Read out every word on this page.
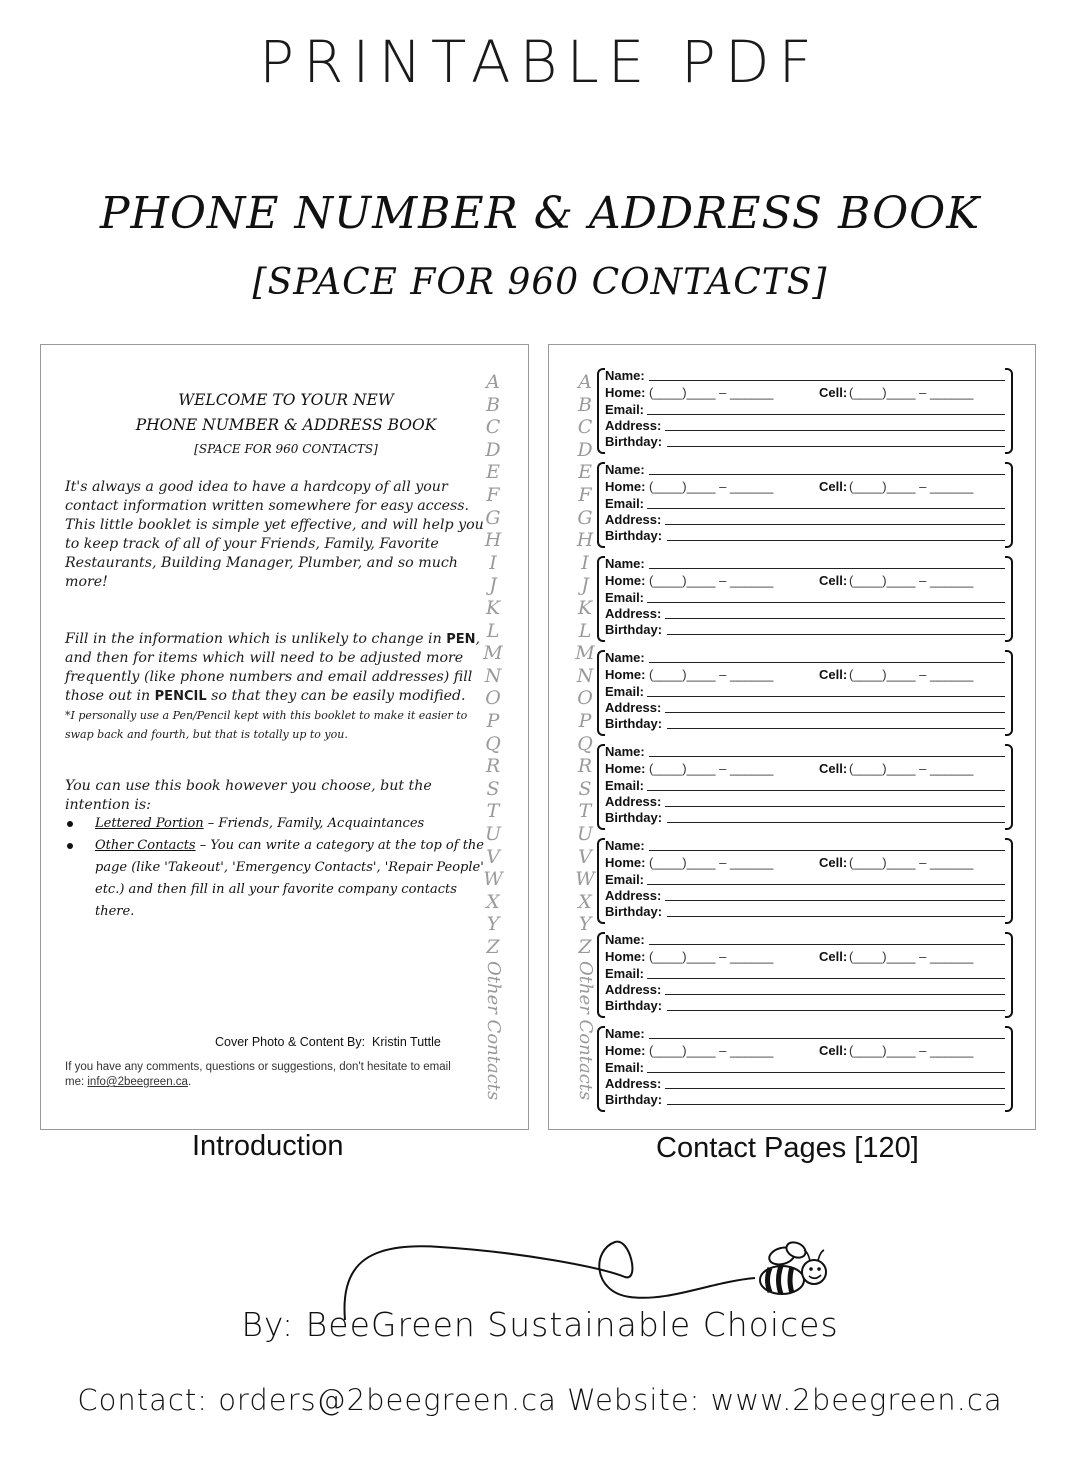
PRINTABLE PDF
PHONE NUMBER & ADDRESS BOOK
[SPACE FOR 960 CONTACTS]
WELCOME TO YOUR NEW
PHONE NUMBER & ADDRESS BOOK
[SPACE FOR 960 CONTACTS]
It's always a good idea to have a hardcopy of all your contact information written somewhere for easy access.
This little booklet is simple yet effective, and will help you to keep track of all of your Friends, Family, Favorite Restaurants, Building Manager, Plumber, and so much more!
Fill in the information which is unlikely to change in PEN, and then for items which will need to be adjusted more frequently (like phone numbers and email addresses) fill those out in PENCIL so that they can be easily modified.
*I personally use a Pen/Pencil kept with this booklet to make it easier to swap back and fourth, but that is totally up to you.
You can use this book however you choose, but the intention is:
Lettered Portion – Friends, Family, Acquaintances
Other Contacts – You can write a category at the top of the page (like 'Takeout', 'Emergency Contacts', 'Repair People' etc.) and then fill in all your favorite company contacts there.
Cover Photo & Content By: Kristin Tuttle
If you have any comments, questions or suggestions, don't hesitate to email me: info@2beegreen.ca.
A
B
C
D
E
F
G
H
I
J
K
L
M
N
O
P
Q
R
S
T
U
V
W
X
Y
Z
Other Contacts
A
B
C
D
E
F
G
H
I
J
K
L
M
N
O
P
Q
R
S
T
U
V
W
X
Y
Z
Other Contacts
Name:
Home: (____)____ – ______	Cell: (____)____ – ______
Email:
Address:
Birthday:
Name:
Home: (____)____ – ______	Cell: (____)____ – ______
Email:
Address:
Birthday:
Name:
Home: (____)____ – ______	Cell: (____)____ – ______
Email:
Address:
Birthday:
Name:
Home: (____)____ – ______	Cell: (____)____ – ______
Email:
Address:
Birthday:
Name:
Home: (____)____ – ______	Cell: (____)____ – ______
Email:
Address:
Birthday:
Name:
Home: (____)____ – ______	Cell: (____)____ – ______
Email:
Address:
Birthday:
Name:
Home: (____)____ – ______	Cell: (____)____ – ______
Email:
Address:
Birthday:
Name:
Home: (____)____ – ______	Cell: (____)____ – ______
Email:
Address:
Birthday:
Introduction	Contact Pages [120]
By: BeeGreen Sustainable Choices
Contact: orders@2beegreen.ca Website: www.2beegreen.ca
